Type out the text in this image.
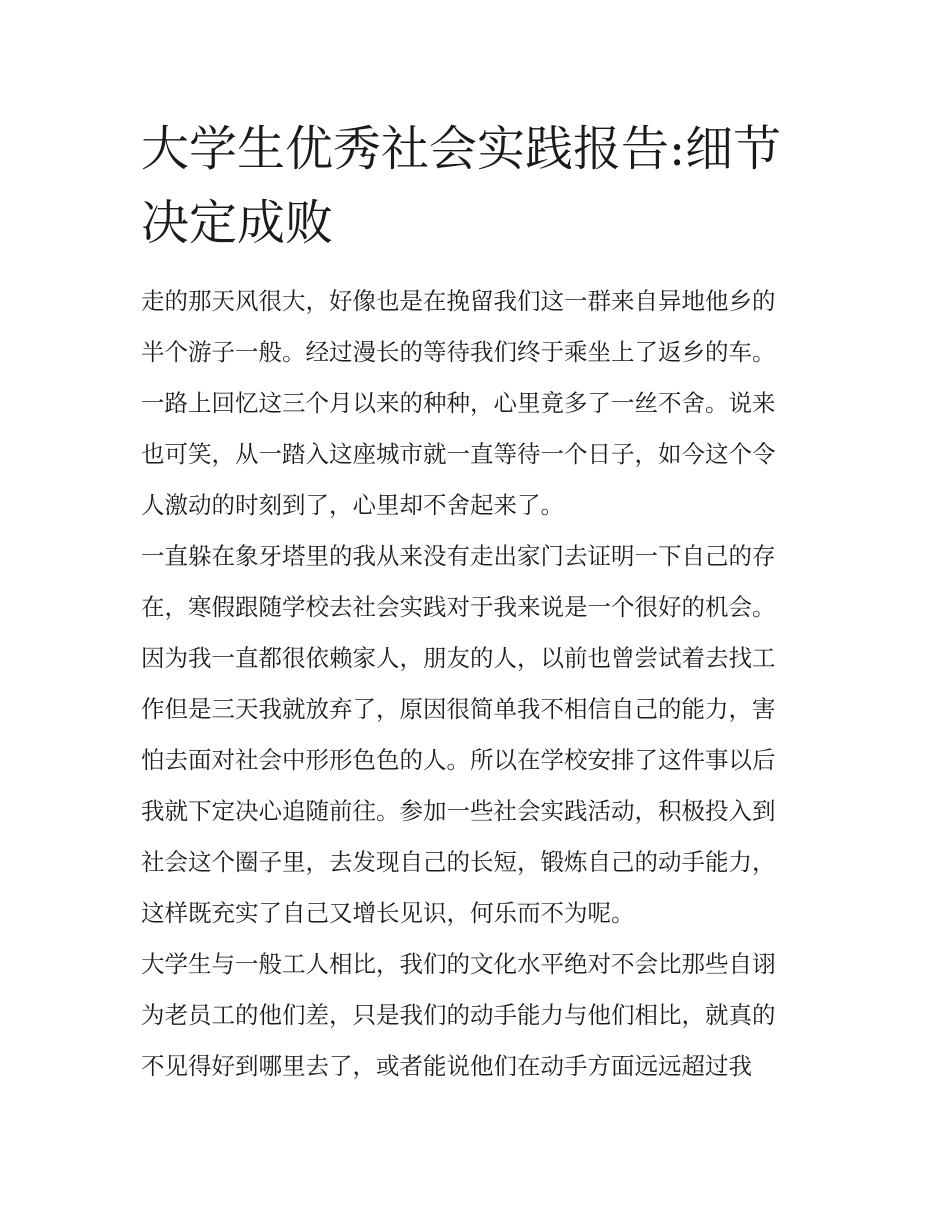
大学生优秀社会实践报告:细节
决定成败
走的那天风很大，好像也是在挽留我们这一群来自异地他乡的
半个游子一般。经过漫长的等待我们终于乘坐上了返乡的车。
一路上回忆这三个月以来的种种，心里竟多了一丝不舍。说来
也可笑，从一踏入这座城市就一直等待一个日子，如今这个令
人激动的时刻到了，心里却不舍起来了。
一直躲在象牙塔里的我从来没有走出家门去证明一下自己的存
在，寒假跟随学校去社会实践对于我来说是一个很好的机会。
因为我一直都很依赖家人，朋友的人，以前也曾尝试着去找工
作但是三天我就放弃了，原因很简单我不相信自己的能力，害
怕去面对社会中形形色色的人。所以在学校安排了这件事以后
我就下定决心追随前往。参加一些社会实践活动，积极投入到
社会这个圈子里，去发现自己的长短，锻炼自己的动手能力，
这样既充实了自己又增长见识，何乐而不为呢。
大学生与一般工人相比，我们的文化水平绝对不会比那些自诩
为老员工的他们差，只是我们的动手能力与他们相比，就真的
不见得好到哪里去了，或者能说他们在动手方面远远超过我
